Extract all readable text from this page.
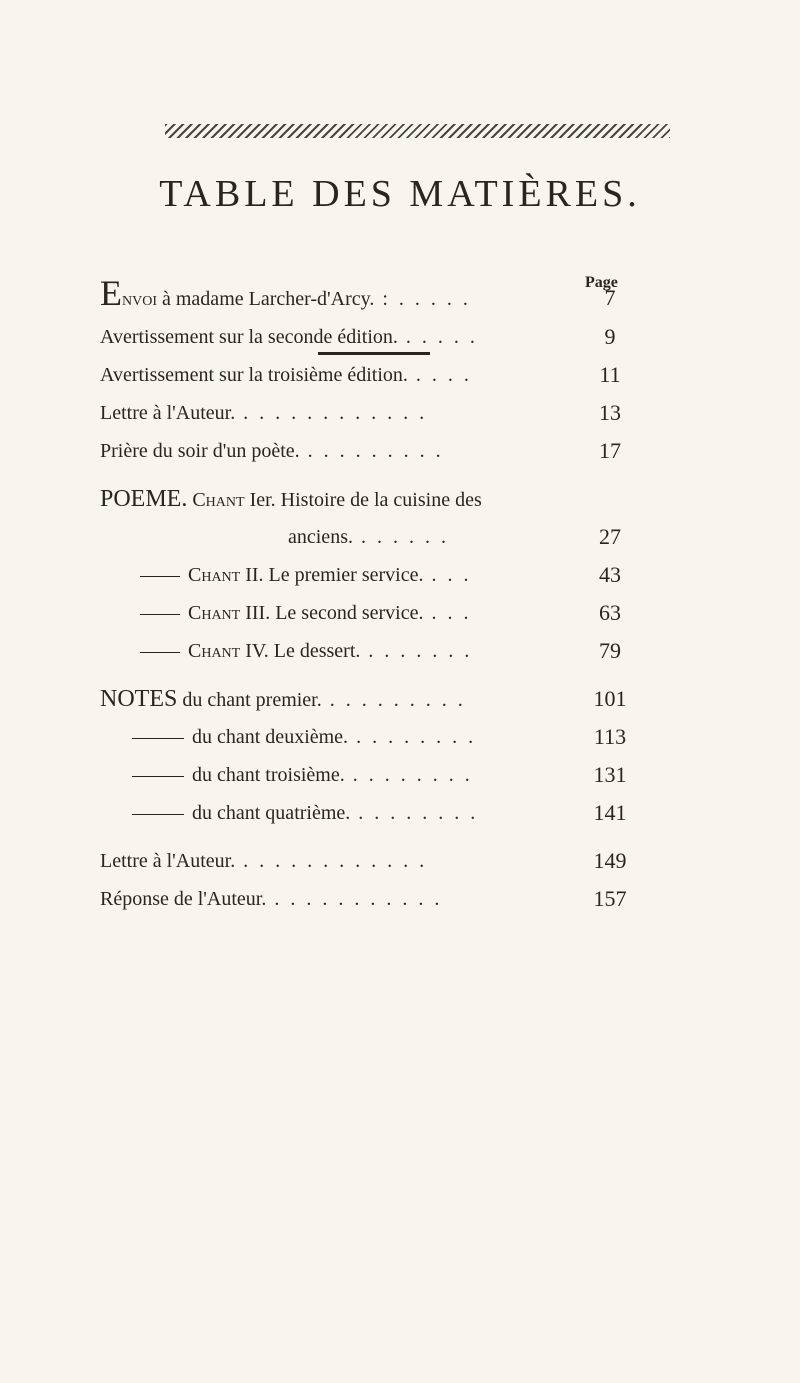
TABLE DES MATIÈRES.
Page
Envoi à madame Larcher-d'Arcy. : . . . . .	7
Avertissement sur la seconde édition. . . . . .	9
Avertissement sur la troisième édition. . . . .	11
Lettre à l'Auteur. . . . . . . . . . . . .	13
Prière du soir d'un poète. . . . . . . . . .	17
POEME. Chant Ier. Histoire de la cuisine des
anciens. . . . . . .	27
Chant II. Le premier service. . . .	43
Chant III. Le second service. . . .	63
Chant IV. Le dessert. . . . . . . .	79
NOTES du chant premier. . . . . . . . . .	101
du chant deuxième. . . . . . . . .	113
du chant troisième. . . . . . . . .	131
du chant quatrième. . . . . . . . .	141
Lettre à l'Auteur. . . . . . . . . . . . .	149
Réponse de l'Auteur. . . . . . . . . . . .	157
